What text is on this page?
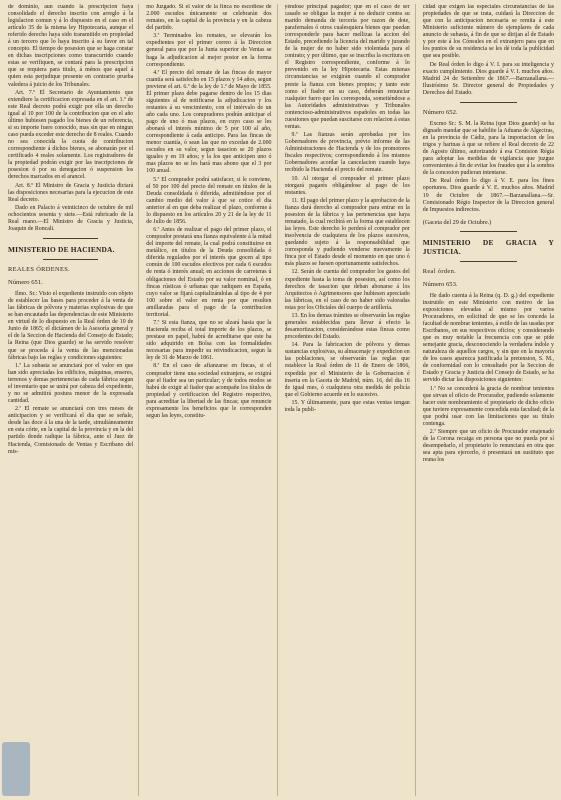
de dominio, aun cuando la prescripcion haya consolidado el derecho inscrito con arreglo á la legislacion comun y á lo dispuesto en el caso en el artículo 35 de la misma ley Hipotecaria, aunque el referido derecho haya sido transmitido en propiedad á un tercero que lo haya inscrito á su favor en tal concepto. El tiempo de posesion que se haga constar en dichas inscripciones como transcurrido cuando estas se verifiquen, se contará para la prescripcion que se requiera para titulo, á ménos que aquel á quien esta perjudique presente en contrario prueba valedera á juicio de los Tribunales.

Art. 7.º El Secretario de Ayuntamiento que extendiere la certificacion expresada en el art. 1.º de este Real decreto podrá exigir por ella un derecho igual al 10 por 100 de la contribucion que en el año último hubiesen pagado los bienes de un referencia, si su importe fuere conocido, mas sin que en ningun caso pueda exceder este derecho de 8 reales. Cuando no sea conocida la cuota de contribucion correspondiente á dichos bienes, se abonarán por el certificado 4 reales solamente. Los registradores de la propiedad podrán exigir por las inscripciones de posesion ó por su denegacion ó suspension los derechos marcados en el arancel.

Art. 8.º El Ministro de Gracia y Justicia dictará las disposiciones necesarias para la ejecucion de este Real decreto.

Dado en Palacio á veinticinco de octubre de mil ochocientos sesenta y siete.—Está rubricado de la Real mano.—El Ministro de Gracia y Justicia, Joaquin de Roncali.

MINISTERIO DE HACIENDA.

REALES ÓRDENES.

Número 651.

Ilmo. Sr.: Visto el expediente instruido con objeto de establecer las bases para proceder á la venta de las fábricas de pólvora y materias explosivas de que se han encautado las dependencias de este Ministerio en virtud de lo dispuesto en la Real órden de 10 de Junio de 1865; el dictámen de la Asesoría general y el de la Seccion de Hacienda del Consejo de Estado; la Reina (que Dios guarde) se ha servido resolver que se proceda á la venta de las mencionadas fábricas bajo las reglas y condiciones siguientes:

1.ª La subasta se anunciará por el valor en que han sido apreciadas los edificios, máquinas, enseres, terrenos y demas pertenencias de cada fábrica segun el inventario que se unirá por cabeza del expediente, y no se admitirá postura menor de la expresada cantidad.

2.ª El remate se anunciará con tres meses de anticipacion y se verificará el dia que se señale, desde las doce á la una de la tarde, simultáneamente en esta córte, en la capital de la provincia y en la del partido donde radique la fábrica, ante el Juez de Hacienda, Comisionado de Ventas y Escribano del mis-

mo Juzgado. Si el valor de la finca no escediese de 2.000 escudos únicamente se celebrarán dos remates, en la capital de la provincia y en la cabeza del partido.

3.ª Terminados los remates, se elevarán los expedientes por el primer correo á la Direccion general para que por la Junta superior de Ventas se haga la adjudicacion al mejor postor en la forma correspondiente.

4.ª El precio del remate de las fincas de mayor cuantía será satisfecho en 15 plazos y 14 años, segun previene el art. 6.º de la ley de 1.º de Mayo de 1855. El primer plazo debe pagarse dentro de los 15 dias siguientes al de notificarse la adjudicacion y los restantes á su vencimiento, con el intérvalo de un año cada uno. Los compradores podrán anticipar el pago de uno ó mas plazos, en cuyo caso se les abonará el interés mínimo de 5 por 100 al año, correspondiente á cada anticipo. Para las fincas de menor cuantía, ó sean las que no excedan de 2.000 escudos en su valor, segun tasacion se 20 plazos iguales y en 19 años; y la los que anticipen uno ó mas plazos no se les hará mas abono que el 3 por 100 anual.

5.ª El comprador podrá satisfacer, si le conviene, el 50 por 100 del precio del remate en títulos de la Deuda consolidada ó diferida, admitiéndose por el cambio medio del valor á que se cotice el dia anterior al en que deba realizar el plazo, conforme á lo dispuesto en los artículos 20 y 21 de la ley de 11 de Julio de 1856.

6.ª Antes de realizar el pago del primer plazo, el comprador prestará una fianza equivalente á la mitad del importe del remate, la cual podrá constituirse en metálico, en títulos de la Deuda consolidada ó diferida regulados por el interés que gocen al tipo común de 100 escudos efectivos por cada 6 escudos de renta ó interés anual; en acciones de carreteras ú obligaciones del Estado por su valor nominal, ó en fincas rústicas ó urbanas que radiquen en España, cuyo valor se fijará capitalizándolas al tipo de 4 por 100 sobre el valor en renta por que resulten amillaradas para el pago de la contribucion territorial.

7.ª Si esta fianza, que no se alzará hasta que la Hacienda reciba el total importe de los plazos, se prestase en papel, habrá de acreditarse que este ha sido adquirido en Bolsa con las formalidades necesarias para impedir su reivindicacion, segun la ley de 31 de Marzo de 1861.

8.ª En el caso de afianzarse en fincas, si el comprador tiene una sociedad extranjera, se exigirá que el fiador sea un particular; y de todos modos se habrá de exigir al fiador que acompañe los títulos de propiedad y certificacion del Registro respectivo, para acreditar la libertad de las fincas; que renuncie expresamente los beneficios que le corresponden segun las leyes, constitu-

yéndose principal pagador; que en el caso de ser casado se obligue la mujer á no deducir contra su marido demanda de tercería por razon de dote, parafernales ó otros cualesquiera bienes que puedan corresponderle para hacer mellizas la accion del Estado, precediendo la licencia del marido y jurando de la mujer de no haber sido violentada para el contrato; y por último, que se inscriba la escritura en el Registro correspondiente, conforme á lo prevenido en la ley Hipotecaria. Estas mismas circunstancias se exigirán cuando el comprador preste la fianza con bienes propios; y tanto este como el fiador en su caso, deberán renunciar cualquier fuero que les corresponda, sometiéndose a las Autoridades administrativas y Tribunales contencioso-administrativos españoles en todas las cuestiones que puedan suscitarse con relacion á estas ventas.

9.ª Las fianzas serán aprobadas por los Gobernadores de provincia, prévio informe de las Administraciones de Hacienda y de los promotores fiscales respectivos; correspondiendo á los mismos Gobernadores acordar la cancelacion cuando haya recibido la Hacienda el precio del remate.

10. Al otorgar el comprador el primer plazo otorgará pagarés obligándose al pago de los restantes.

11. El pago del primer plazo y la aprobacion de la fianza dará derecho al comprador para entrar en la posesion de la fábrica y las pertenencias que haya rematado, la cual recibirá en la forma que establecen las leyes. Este derecho lo perderá el comprador por insolvencia de cualquiera de los plazos sucesivos, quedando sujeto á la responsabilidad que corresponda y pudiendo venderse nuevamente la finca por el Estado desde el momento en que uno ó más plazos se fuesen oportunamente satisfechos.

12. Serán de cuenta del comprador los gastos del expediente hasta la toma de posesion, así como los derechos de tasacion que deban abonarse á los Arquitectos ó Agrimensores que hubiesen apreciado las fábricas, en el caso de no haber sido valoradas estas por los Oficiales del cuerpo de artillería.

13. En los demas trámites se observarán las reglas generales establecidas para llevar á efecto la desamortizacion, considerándose estas fincas como procedentes del Estado.

14. Para la fabricacion de pólvora y demas sustancias explosivas, su almacenaje y expedicion en las poblaciones, se observarán las reglas que establece la Real órden de 11 de Enero de 1866, expedida por el Ministerio de la Gobernacion é inserta en la Gaceta de Madrid, núm. 16, del dia 16 de igual mes, ó cualquiera otra medida de policía que el Gobierno acuerde en lo sucesivo.

15. Y últimamente, para que estas ventas tengan toda la publi-

cidad que exigen las especiales circunstancias de las propiedades de que se trata, cuidará la Direccion de que con la anticipacion necesaria se remita á este Ministerio suficiente número de ejemplares de cada anuncio de subasta, á fin de que se dirijan al de Estado y por este á los Cónsules en el extranjero para que en los puntos de su residencia se les dé toda la publicidad que sea posible.

De Real órden lo digo á V. I. para su inteligencia y exacto cumplimiento. Dios guarde á V. I. muchos años. Madrid 24 de Setiembre de 1867.—Barzanallana.—Ilustrísimo Sr. Director general de Propiedades y Derechos del Estado.

Número 652.

Excmo Sr.: S. M. la Reina (que Dios guarde) se ha dignado mandar que se habilite la Aduana de Algeciras, en la provincia de Cádiz, para la importacion de los trigos y harinas á que se refiere el Real decreto de 22 de Agosto último, autorizando á esa Comision Régia para adoptar las medidas de vigilancia que juzgue convenientes á fin de evitar los fraudes que á la sombra de la concesion pudieran intentarse.

De Real órden lo digo á V. E. para los fines oportunos. Dios guarde á V. E. muchos años. Madrid 19 de Octubre de 1867.—Barzanallana.—Sr. Comisionado Régio Inspector de la Direccion general de Impuestos indirectos.

(Gaceta del 29 de Octubre.)

MINISTERIO DE GRACIA Y JUSTICIA.

Real órden.

Número 653.

He dado cuenta á la Reina (q. D. g.) del expediente instruido en este Ministerio con motivo de las exposiciones elevadas al mismo por varios Procuradores, en solicitud de que se les conceda la facultad de nombrar tenientes, á estilo de las usadas por Escribanos, en sus respectivos oficios; y considerando que es muy notable la frecuencia con que se pide semejante gracia, desconociendo la verdadera índole y naturaleza de aquellos cargos, y sin que en la mayoría de los casos aparezca justificada la pretension, S. M., de conformidad con lo consultado por la Seccion de Estado y Gracia y Justicia del Consejo de Estado, se ha servido dictar las disposiciones siguientes:

1.ª No se concederá la gracia de nombrar tenientes que sirvan el oficio de Procurador, pudiendo solamente hacer este nombramiento el propietario de dicho oficio que tuviere expresamente concedida esta facultad; de la que podrá usar con las limitaciones que su título contenga.

2.ª Siempre que un oficio de Procurador enajenado de la Corona recaiga en persona que no pueda por sí desempeñarlo, el propietario lo renunciará en otra que sea apta para ejercerlo, ó presentará un sustituto que reuna los
